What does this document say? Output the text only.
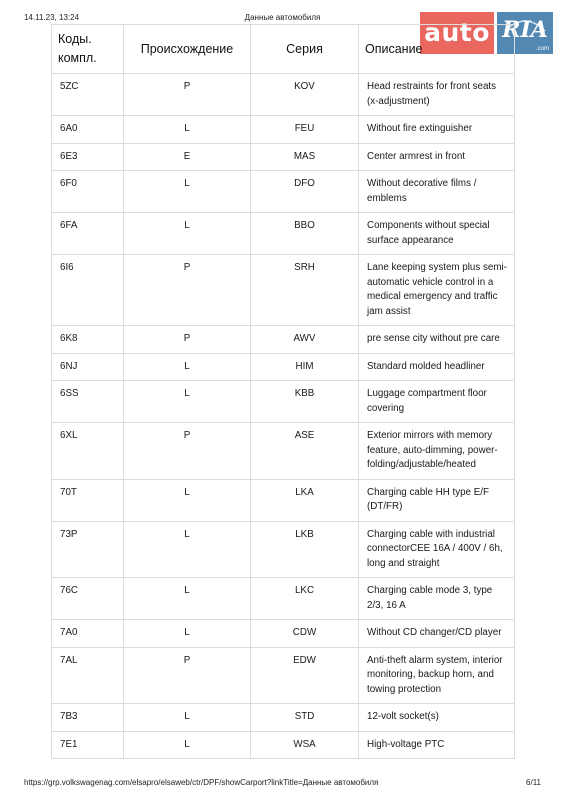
14.11.23, 13:24	Данные автомобиля
auto RIA
.com
Коды. компл.	Происхождение	Серия	Описание
5ZC	P	KOV	Head restraints for front seats (x-adjustment)
6A0	L	FEU	Without fire extinguisher
6E3	E	MAS	Center armrest in front
6F0	L	DFO	Without decorative films / emblems
6FA	L	BBO	Components without special surface appearance
6I6	P	SRH	Lane keeping system plus semi-automatic vehicle control in a medical emergency and traffic jam assist
6K8	P	AWV	pre sense city without pre care
6NJ	L	HIM	Standard molded headliner
6SS	L	KBB	Luggage compartment floor covering
6XL	P	ASE	Exterior mirrors with memory feature, auto-dimming, power-folding/adjustable/heated
70T	L	LKA	Charging cable HH type E/F (DT/FR)
73P	L	LKB	Charging cable with industrial connectorCEE 16A / 400V / 6h, long and straight
76C	L	LKC	Charging cable mode 3, type 2/3, 16 A
7A0	L	CDW	Without CD changer/CD player
7AL	P	EDW	Anti-theft alarm system, interior monitoring, backup horn, and towing protection
7B3	L	STD	12-volt socket(s)
7E1	L	WSA	High-voltage PTC
https://grp.volkswagenag.com/elsapro/elsaweb/ctr/DPF/showCarport?linkTitle=Данные автомобиля	6/11
